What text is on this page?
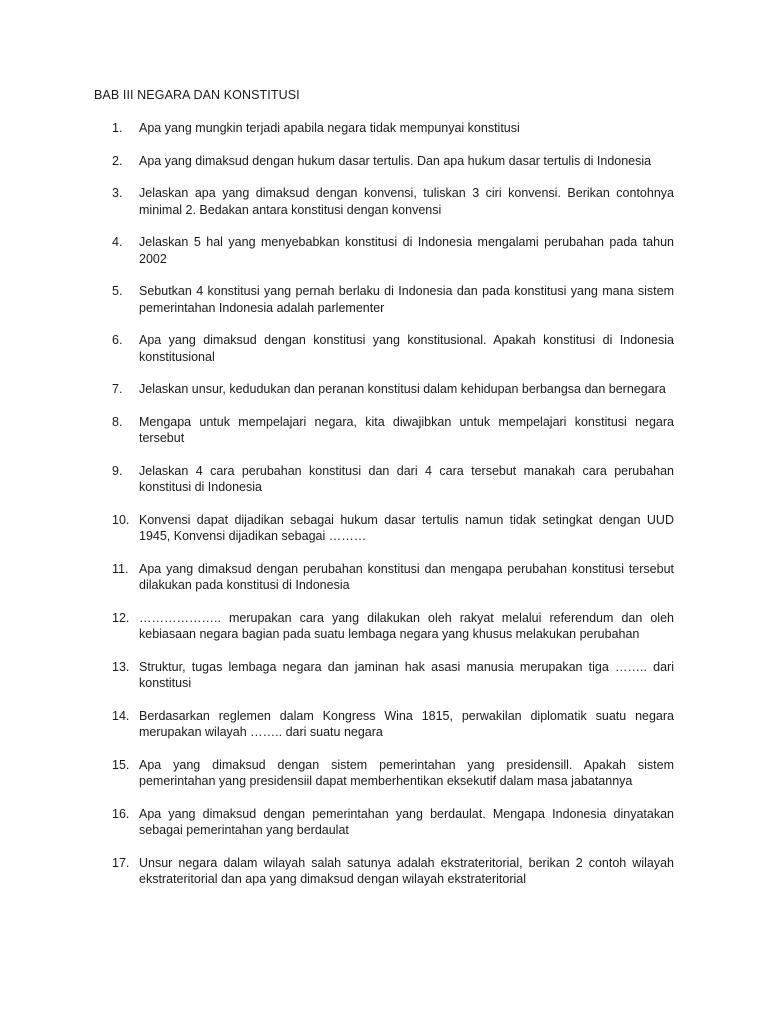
BAB III NEGARA DAN KONSTITUSI
1.	Apa yang mungkin terjadi apabila negara tidak mempunyai konstitusi
2.	Apa yang dimaksud dengan hukum dasar tertulis. Dan apa hukum dasar tertulis di Indonesia
3.	Jelaskan apa yang dimaksud dengan konvensi, tuliskan 3 ciri konvensi. Berikan contohnya minimal 2. Bedakan antara konstitusi dengan konvensi
4.	Jelaskan 5 hal yang menyebabkan konstitusi di Indonesia mengalami perubahan pada tahun 2002
5.	Sebutkan 4 konstitusi yang pernah berlaku di Indonesia dan pada konstitusi yang mana sistem pemerintahan Indonesia adalah parlementer
6.	Apa yang dimaksud dengan konstitusi yang konstitusional. Apakah konstitusi di Indonesia konstitusional
7.	Jelaskan unsur, kedudukan dan peranan konstitusi dalam kehidupan berbangsa dan bernegara
8.	Mengapa untuk mempelajari negara, kita diwajibkan untuk mempelajari konstitusi negara tersebut
9.	Jelaskan 4 cara perubahan konstitusi dan dari 4 cara tersebut manakah cara perubahan konstitusi di Indonesia
10. Konvensi dapat dijadikan sebagai hukum dasar tertulis namun tidak setingkat dengan UUD 1945, Konvensi dijadikan sebagai ………
11. Apa yang dimaksud dengan perubahan konstitusi dan mengapa perubahan konstitusi tersebut dilakukan pada konstitusi di Indonesia
12. ……………….. merupakan cara yang dilakukan oleh rakyat melalui referendum dan oleh kebiasaan negara bagian pada suatu lembaga negara yang khusus melakukan perubahan
13. Struktur, tugas lembaga negara dan jaminan hak asasi manusia merupakan tiga …….. dari konstitusi
14. Berdasarkan reglemen dalam Kongress Wina 1815, perwakilan diplomatik suatu negara merupakan wilayah …….. dari suatu negara
15. Apa yang dimaksud dengan sistem pemerintahan yang presidensill. Apakah sistem pemerintahan yang presidensiil dapat memberhentikan eksekutif dalam masa jabatannya
16. Apa yang dimaksud dengan pemerintahan yang berdaulat. Mengapa Indonesia dinyatakan sebagai pemerintahan yang berdaulat
17. Unsur negara dalam wilayah salah satunya adalah ekstrateritorial, berikan 2 contoh wilayah ekstrateritorial dan apa yang dimaksud dengan wilayah ekstrateritorial
